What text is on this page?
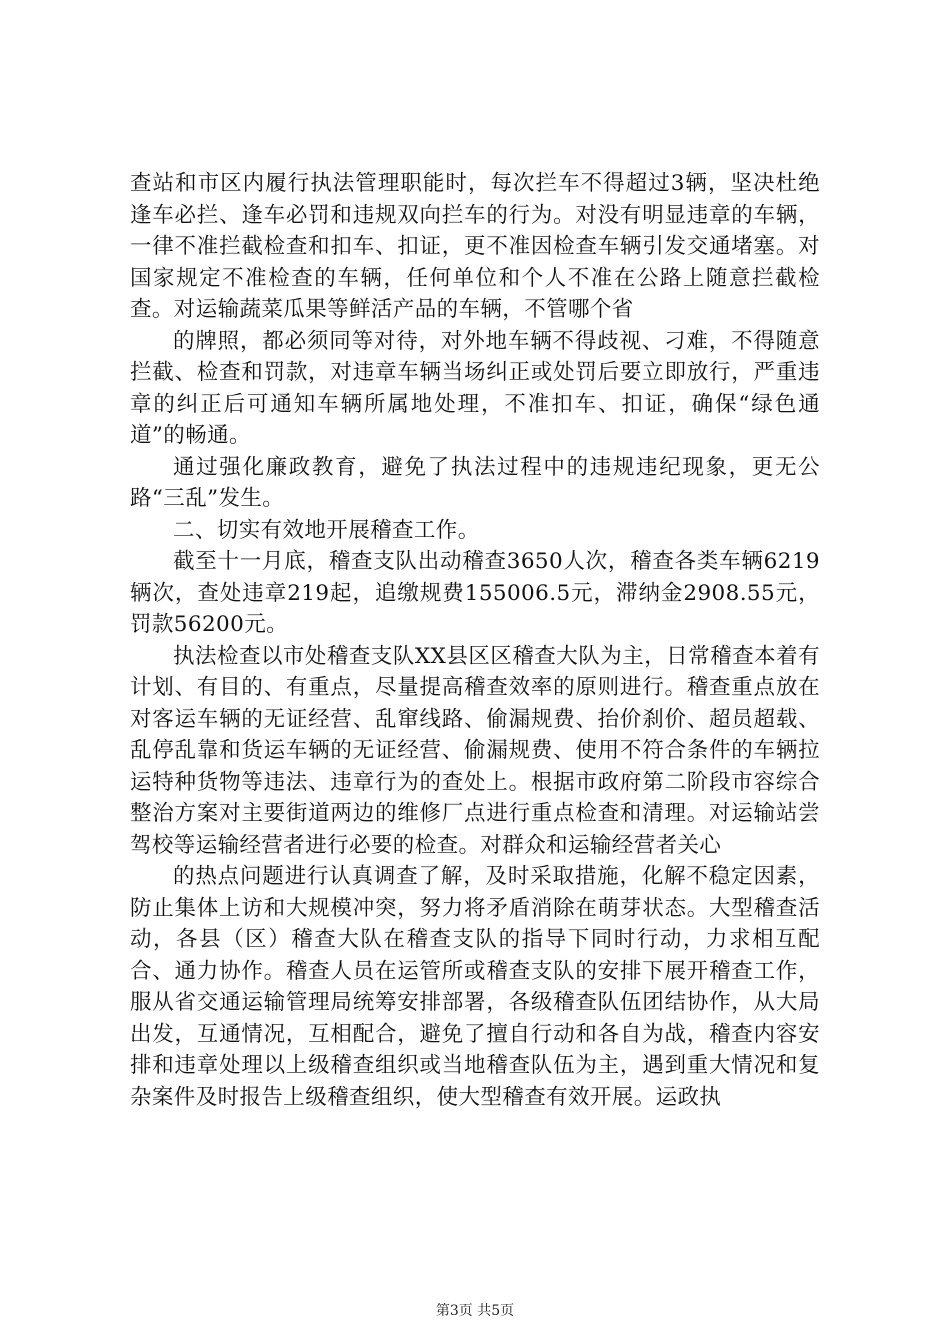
查站和市区内履行执法管理职能时，每次拦车不得超过3辆，坚决杜绝逢车必拦、逢车必罚和违规双向拦车的行为。对没有明显违章的车辆，一律不准拦截检查和扣车、扣证，更不准因检查车辆引发交通堵塞。对国家规定不准检查的车辆，任何单位和个人不准在公路上随意拦截检查。对运输蔬菜瓜果等鲜活产品的车辆，不管哪个省

的牌照，都必须同等对待，对外地车辆不得歧视、刁难，不得随意拦截、检查和罚款，对违章车辆当场纠正或处罚后要立即放行，严重违章的纠正后可通知车辆所属地处理，不准扣车、扣证，确保“绿色通道”的畅通。

通过强化廉政教育，避免了执法过程中的违规违纪现象，更无公路“三乱”发生。

二、切实有效地开展稽查工作。

截至十一月底，稽查支队出动稽查3650人次，稽查各类车辆6219辆次，查处违章219起，追缴规费155006.5元，滞纳金2908.55元，罚款56200元。

执法检查以市处稽查支队XX县区区稽查大队为主，日常稽查本着有计划、有目的、有重点，尽量提高稽查效率的原则进行。稽查重点放在对客运车辆的无证经营、乱窜线路、偷漏规费、抬价刹价、超员超载、乱停乱靠和货运车辆的无证经营、偷漏规费、使用不符合条件的车辆拉运特种货物等违法、违章行为的查处上。根据市政府第二阶段市容综合整治方案对主要街道两边的维修厂点进行重点检查和清理。对运输站尝驾校等运输经营者进行必要的检查。对群众和运输经营者关心

的热点问题进行认真调查了解，及时采取措施，化解不稳定因素，防止集体上访和大规模冲突，努力将矛盾消除在萌芽状态。大型稽查活动，各县（区）稽查大队在稽查支队的指导下同时行动，力求相互配合、通力协作。稽查人员在运管所或稽查支队的安排下展开稽查工作，服从省交通运输管理局统筹安排部署，各级稽查队伍团结协作，从大局出发，互通情况，互相配合，避免了擅自行动和各自为战，稽查内容安排和违章处理以上级稽查组织或当地稽查队伍为主，遇到重大情况和复杂案件及时报告上级稽查组织，使大型稽查有效开展。运政执

第3页 共5页
